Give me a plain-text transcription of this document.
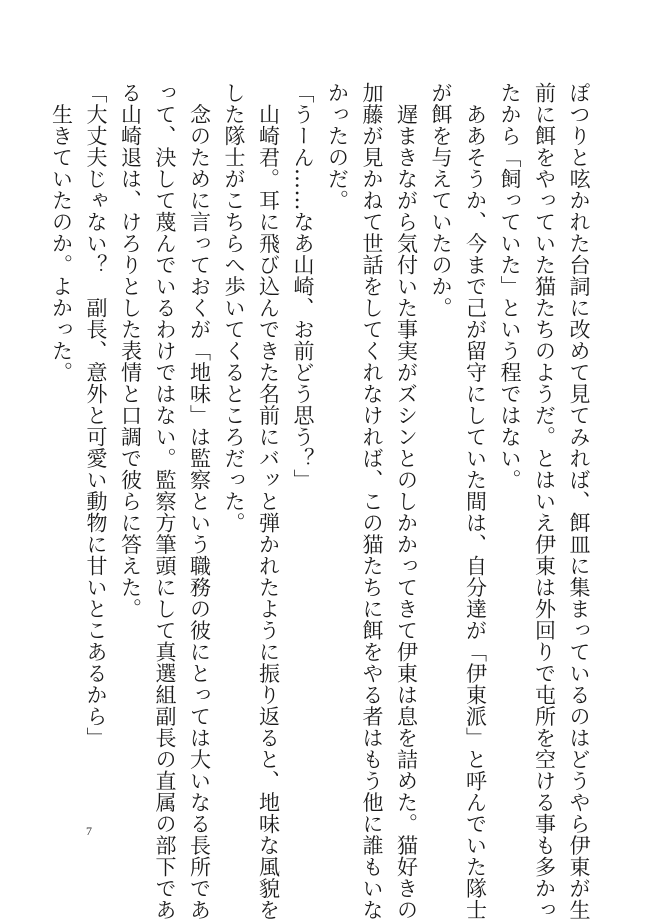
ぽつりと呟かれた台詞に改めて見てみれば、餌皿に集まっているのはどうやら伊東が生
前に餌をやっていた猫たちのようだ。とはいえ伊東は外回りで屯所を空ける事も多かっ
たから「飼っていた」という程ではない。
　ああそうか、今まで己が留守にしていた間は、自分達が「伊東派」と呼んでいた隊士
が餌を与えていたのか。
　遅まきながら気付いた事実がズシンとのしかかってきて伊東は息を詰めた。猫好きの
加藤が見かねて世話をしてくれなければ、この猫たちに餌をやる者はもう他に誰もいな
かったのだ。
「うーん……なあ山崎、お前どう思う？」
　山崎君。耳に飛び込んできた名前にバッと弾かれたように振り返ると、地味な風貌を
した隊士がこちらへ歩いてくるところだった。
　念のために言っておくが「地味」は監察という職務の彼にとっては大いなる長所であ
って、決して蔑んでいるわけではない。監察方筆頭にして真選組副長の直属の部下であ
る山崎退は、けろりとした表情と口調で彼らに答えた。
「大丈夫じゃない？　副長、意外と可愛い動物に甘いとこあるから」
　生きていたのか。よかった。
7
